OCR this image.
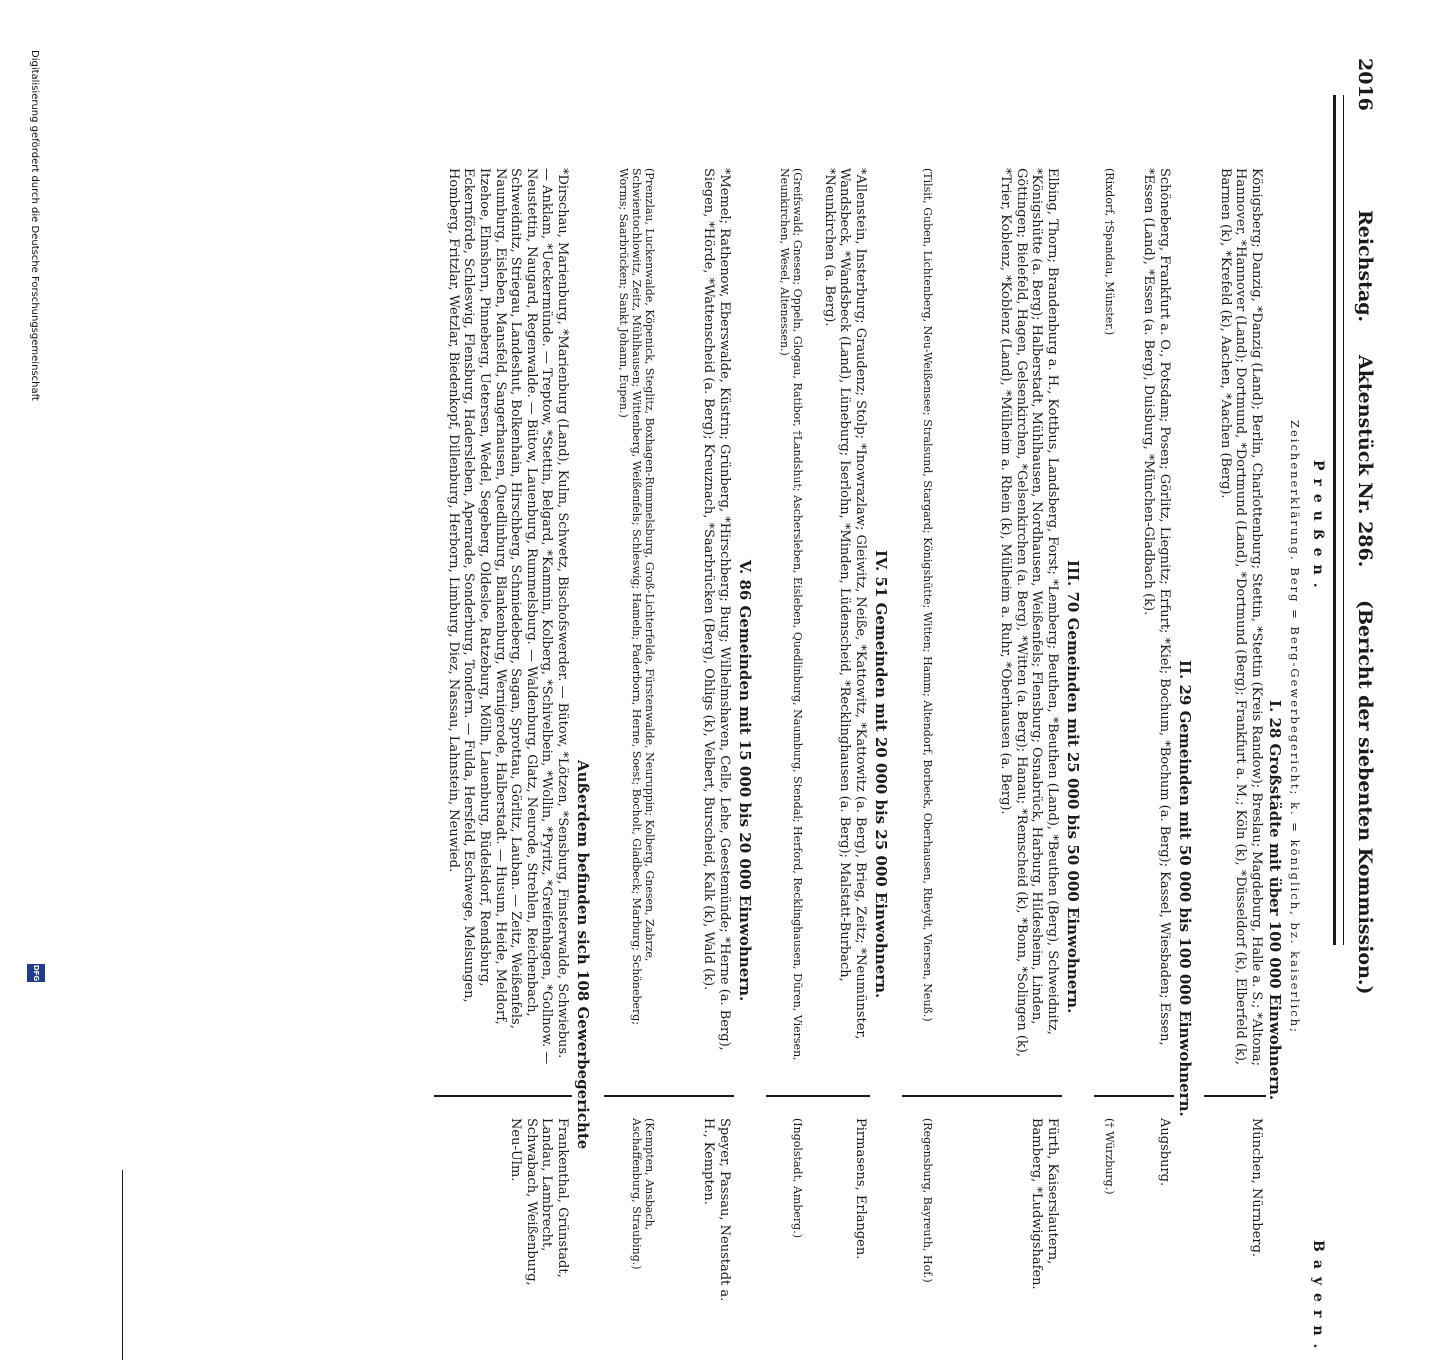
2016
Reichstag.
Aktenstück Nr. 286.
(Bericht der siebenten Kommission.)
Preußen.
Bayern.
Zeichenerklärung. Berg = Berg-Gewerbegericht; k. = königlich, bz. kaiserlich;
I. 28 Großstädte mit über 100 000 Einwohnern.
Königsberg; Danzig, *Danzig (Land); Berlin, Charlottenburg; Stettin, *Stettin (Kreis Randow); Breslau; Magdeburg, Halle a. S.; *Altona; Hannover, *Hannover (Land); Dortmund, *Dortmund (Land), *Dortmund (Berg); Frankfurt a. M.; Köln (k), *Düsseldorf (k), Elberfeld (k), Barmen (k), *Krefeld (k), Aachen, *Aachen (Berg).
München, Nürnberg.
II. 29 Gemeinden mit 50 000 bis 100 000 Einwohnern.
Schöneberg, Frankfurt a. O., Potsdam; Posen; Görlitz, Liegnitz; Erfurt; *Kiel; Bochum, *Bochum (a. Berg); Kassel, Wiesbaden; Essen, *Essen (Land), *Essen (a. Berg), Duisburg, *München-Gladbach (k).
(Rixdorf, †Spandau, Münster.)
Augsburg.
(† Würzburg.)
III. 70 Gemeinden mit 25 000 bis 50 000 Einwohnern.
Elbing, Thorn; Brandenburg a. H., Kottbus, Landsberg, Forst; *Lemberg; Beuthen, *Beuthen (Land), *Beuthen (Berg), Schweidnitz, *Königshütte (a. Berg); Halberstadt, Mühlhausen, Nordhausen, Weißenfels; Flensburg; Osnabrück, Harburg, Hildesheim, Linden, Göttingen; Bielefeld, Hagen, Gelsenkirchen, *Gelsenkirchen (a. Berg), *Witten (a. Berg); Hanau; *Remscheid (k), *Bonn, *Solingen (k), *Trier, Koblenz, *Koblenz (Land), *Mülheim a. Rhein (k), Mülheim a. Ruhr, *Oberhausen (a. Berg).
(Tilsit, Guben, Lichtenberg, Neu-Weißensee; Stralsund, Stargard; Königshütte; Witten; Hamm; Altendorf, Borbeck, Oberhausen, Rheydt, Viersen, Neuß.)
Fürth, Kaiserslautern, Bamberg, *Ludwigshafen.
(Regensburg, Bayreuth, Hof.)
IV. 51 Gemeinden mit 20 000 bis 25 000 Einwohnern.
*Allenstein, Insterburg; Graudenz; Stolp; *Inowrazlaw; Gleiwitz, Neiße, *Kattowitz, *Kattowitz (a. Berg), Brieg, Zeitz; *Neumünster, Wandsbeck, *Wandsbeck (Land), Lüneburg; Iserlohn, *Minden, Lüdenscheid, *Recklinghausen (a. Berg); Malstatt-Burbach, *Neunkirchen (a. Berg).
(Greifswald; Gnesen; Oppeln, Glogau, Ratibor, †Landshut; Aschersleben, Eisleben, Quedlinburg, Naumburg, Stendal; Herford, Recklinghausen, Düren, Viersen, Neunkirchen, Wesel, Altenessen.)
Pirmasens, Erlangen.
(Ingolstadt, Amberg.)
V. 86 Gemeinden mit 15 000 bis 20 000 Einwohnern.
*Memel; Rathenow, Eberswalde, Küstrin; Grünberg, *Hirschberg; Burg; Wilhelmshaven, Celle, Lehe, Geestemünde; *Herne (a. Berg), Siegen, *Hörde, *Wattenscheid (a. Berg); Kreuznach, *Saarbrücken (Berg), Ohligs (k), Velbert, Burscheid, Kalk (k), Wald (k).
(Prenzlau, Luckenwalde, Köpenick, Steglitz, Boxhagen-Rummelsburg, Groß-Lichterfelde, Fürstenwalde, Neuruppin; Kolberg, Gnesen, Zabrze, Schwientochlowitz, Zeitz, Mühlhausen; Wittenberg, Weißenfels; Schleswig; Hameln; Paderborn, Herne, Soest; Bocholt, Gladbeck; Marburg; Schöneberg; Worms; Saarbrücken; Sankt Johann, Eupen.)
Speyer, Passau, Neustadt a. H., Kempten.
(Kempten, Ansbach, Aschaffenburg, Straubing.)
Außerdem befinden sich 108 Gewerbegerichte
*Dirschau, Marienburg, *Marienburg (Land), Kulm, Schwetz, Bischofswerder. — Bütow, *Lötzen, *Sensburg, Finsterwalde, Schwiebus. — Anklam, *Ueckermünde. — Treptow, *Stettin, Belgard, *Kammin, Kolberg, *Schivelbein, *Wollin, *Pyritz, *Greifenhagen, *Gollnow. — Neustettin, Naugard, Regenwalde. — Bütow, Lauenburg, Rummelsburg. — Waldenburg, Glatz, Neurode, Strehlen, Reichenbach, Schweidnitz, Striegau, Landeshut, Bolkenhain, Hirschberg, Schmiedeberg, Sagan, Sprottau, Görlitz, Lauban. — Zeitz, Weißenfels, Naumburg, Eisleben, Mansfeld, Sangerhausen, Quedlinburg, Blankenburg, Wernigerode, Halberstadt. — Husum, Heide, Meldorf, Itzehoe, Elmshorn, Pinneberg, Uetersen, Wedel, Segeberg, Oldesloe, Ratzeburg, Mölln, Lauenburg, Büdelsdorf, Rendsburg, Eckernförde, Schleswig, Flensburg, Hadersleben, Apenrade, Sonderburg, Tondern. — Fulda, Hersfeld, Eschwege, Melsungen, Homberg, Fritzlar, Wetzlar, Biedenkopf, Dillenburg, Herborn, Limburg, Diez, Nassau, Lahnstein, Neuwied.
Frankenthal, Grünstadt, Landau, Lambrecht, Schwabach, Weißenburg, Neu-Ulm.
Digitalisierung gefördert durch die Deutsche Forschungsgemeinschaft
DFG
